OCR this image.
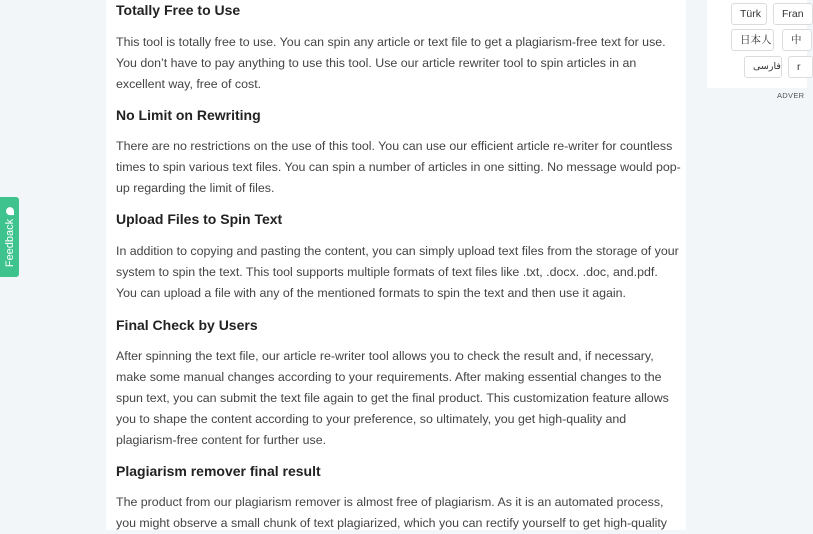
Totally Free to Use

This tool is totally free to use. You can spin any article or text file to get a plagiarism-free text for use. You don’t have to pay anything to use this tool. Use our article rewriter tool to spin articles in an excellent way, free of cost.

No Limit on Rewriting

There are no restrictions on the use of this tool. You can use our efficient article re-writer for countless times to spin various text files. You can spin a number of articles in one sitting. No message would pop-up regarding the limit of files.

Upload Files to Spin Text

In addition to copying and pasting the content, you can simply upload text files from the storage of your system to spin the text. This tool supports multiple formats of text files like .txt, .docx. .doc, and.pdf. You can upload a file with any of the mentioned formats to spin the text and then use it again.

Final Check by Users

After spinning the text file, our article re-writer tool allows you to check the result and, if necessary, make some manual changes according to your requirements. After making essential changes to the spun text, you can submit the text file again to get the final product. This customization feature allows you to shape the content according to your preference, so ultimately, you get high-quality and plagiarism-free content for further use.

Plagiarism remover final result

The product from our plagiarism remover is almost free of plagiarism. As it is an automated process, you might observe a small chunk of text plagiarized, which you can rectify yourself to get high-quality

Feedback
Türk	Fran
日本人	中
فارسی	r
ADVER
